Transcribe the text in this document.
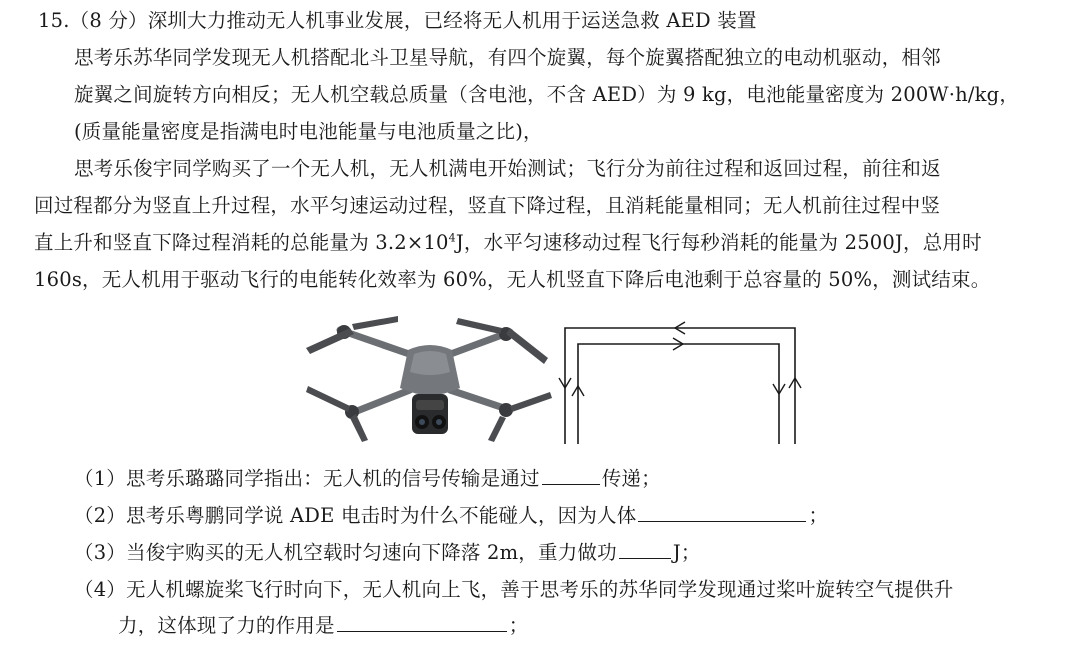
15.（8 分）深圳大力推动无人机事业发展，已经将无人机用于运送急救 AED 装置
思考乐苏华同学发现无人机搭配北斗卫星导航，有四个旋翼，每个旋翼搭配独立的电动机驱动，相邻
旋翼之间旋转方向相反；无人机空载总质量（含电池，不含 AED）为 9 kg，电池能量密度为 200W·h/kg，
(质量能量密度是指满电时电池能量与电池质量之比)，
思考乐俊宇同学购买了一个无人机，无人机满电开始测试；飞行分为前往过程和返回过程，前往和返
回过程都分为竖直上升过程，水平匀速运动过程，竖直下降过程，且消耗能量相同；无人机前往过程中竖
直上升和竖直下降过程消耗的总能量为 $3.2\times 10^4J$，水平匀速移动过程飞行每秒消耗的能量为 2500J，总用时
160s，无人机用于驱动飞行的电能转化效率为 60%，无人机竖直下降后电池剩于总容量的 50%，测试结束。
（1）思考乐璐璐同学指出：无人机的信号传输是通过	传递；
（2）思考乐粤鹏同学说 ADE 电击时为什么不能碰人，因为人体	；
（3）当俊宇购买的无人机空载时匀速向下降落 2m，重力做功	J；
（4）无人机螺旋桨飞行时向下，无人机向上飞，善于思考乐的苏华同学发现通过桨叶旋转空气提供升
力，这体现了力的作用是	；
